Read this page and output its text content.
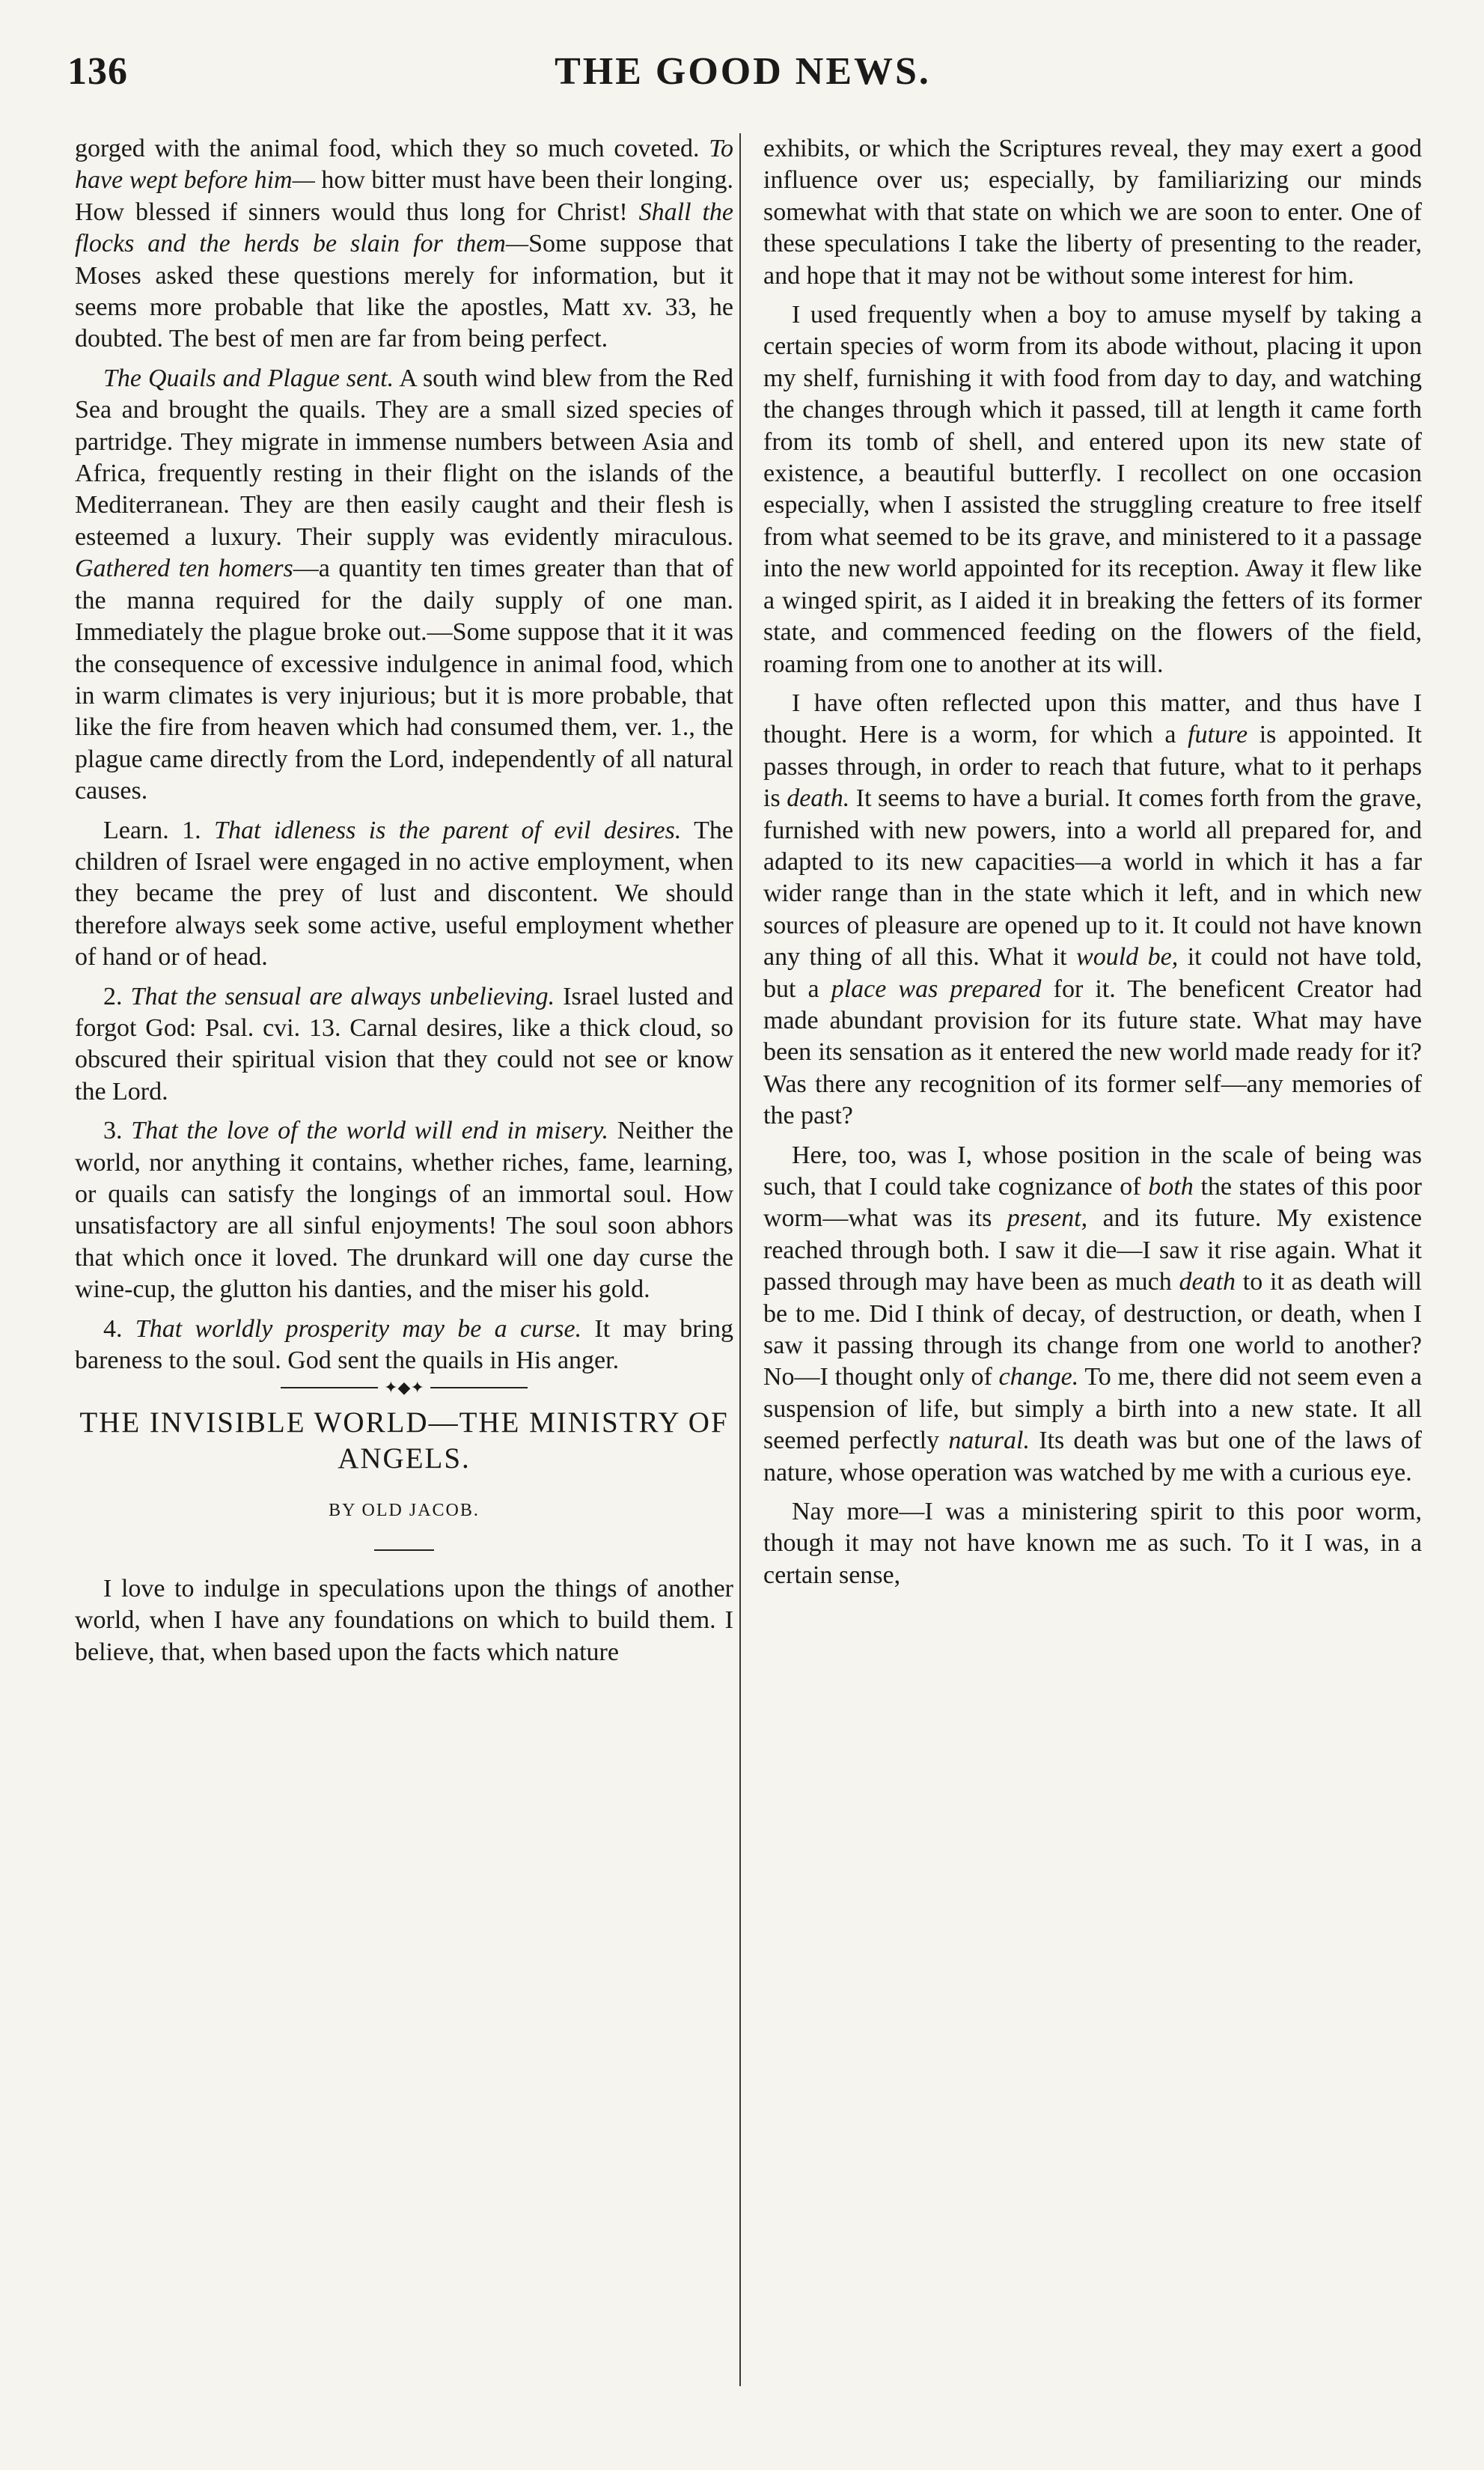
136	THE GOOD NEWS.

gorged with the animal food, which they so much coveted. To have wept before him— how bitter must have been their longing. How blessed if sinners would thus long for Christ! Shall the flocks and the herds be slain for them—Some suppose that Moses asked these questions merely for information, but it seems more probable that like the apostles, Matt xv. 33, he doubted. The best of men are far from being perfect.

The Quails and Plague sent. A south wind blew from the Red Sea and brought the quails. They are a small sized species of partridge. They migrate in immense numbers between Asia and Africa, frequently resting in their flight on the islands of the Mediterranean. They are then easily caught and their flesh is esteemed a luxury. Their supply was evidently miraculous. Gathered ten homers—a quantity ten times greater than that of the manna required for the daily supply of one man. Immediately the plague broke out.—Some suppose that it it was the consequence of excessive indulgence in animal food, which in warm climates is very injurious; but it is more probable, that like the fire from heaven which had consumed them, ver. 1., the plague came directly from the Lord, independently of all natural causes.

Learn. 1. That idleness is the parent of evil desires. The children of Israel were engaged in no active employment, when they became the prey of lust and discontent. We should therefore always seek some active, useful employment whether of hand or of head.

2. That the sensual are always unbelieving. Israel lusted and forgot God: Psal. cvi. 13. Carnal desires, like a thick cloud, so obscured their spiritual vision that they could not see or know the Lord.

3. That the love of the world will end in misery. Neither the world, nor anything it contains, whether riches, fame, learning, or quails can satisfy the longings of an immortal soul. How unsatisfactory are all sinful enjoyments! The soul soon abhors that which once it loved. The drunkard will one day curse the wine-cup, the glutton his danties, and the miser his gold.

4. That worldly prosperity may be a curse. It may bring bareness to the soul. God sent the quails in His anger.

✦◆✦
THE INVISIBLE WORLD—THE MINISTRY OF ANGELS.
BY OLD JACOB.

I love to indulge in speculations upon the things of another world, when I have any foundations on which to build them. I believe, that, when based upon the facts which nature

exhibits, or which the Scriptures reveal, they may exert a good influence over us; especially, by familiarizing our minds somewhat with that state on which we are soon to enter. One of these speculations I take the liberty of presenting to the reader, and hope that it may not be without some interest for him.

I used frequently when a boy to amuse myself by taking a certain species of worm from its abode without, placing it upon my shelf, furnishing it with food from day to day, and watching the changes through which it passed, till at length it came forth from its tomb of shell, and entered upon its new state of existence, a beautiful butterfly. I recollect on one occasion especially, when I assisted the struggling creature to free itself from what seemed to be its grave, and ministered to it a passage into the new world appointed for its reception. Away it flew like a winged spirit, as I aided it in breaking the fetters of its former state, and commenced feeding on the flowers of the field, roaming from one to another at its will.

I have often reflected upon this matter, and thus have I thought. Here is a worm, for which a future is appointed. It passes through, in order to reach that future, what to it perhaps is death. It seems to have a burial. It comes forth from the grave, furnished with new powers, into a world all prepared for, and adapted to its new capacities—a world in which it has a far wider range than in the state which it left, and in which new sources of pleasure are opened up to it. It could not have known any thing of all this. What it would be, it could not have told, but a place was prepared for it. The beneficent Creator had made abundant provision for its future state. What may have been its sensation as it entered the new world made ready for it? Was there any recognition of its former self—any memories of the past?

Here, too, was I, whose position in the scale of being was such, that I could take cognizance of both the states of this poor worm—what was its present, and its future. My existence reached through both. I saw it die—I saw it rise again. What it passed through may have been as much death to it as death will be to me. Did I think of decay, of destruction, or death, when I saw it passing through its change from one world to another? No—I thought only of change. To me, there did not seem even a suspension of life, but simply a birth into a new state. It all seemed perfectly natural. Its death was but one of the laws of nature, whose operation was watched by me with a curious eye.

Nay more—I was a ministering spirit to this poor worm, though it may not have known me as such. To it I was, in a certain sense,
